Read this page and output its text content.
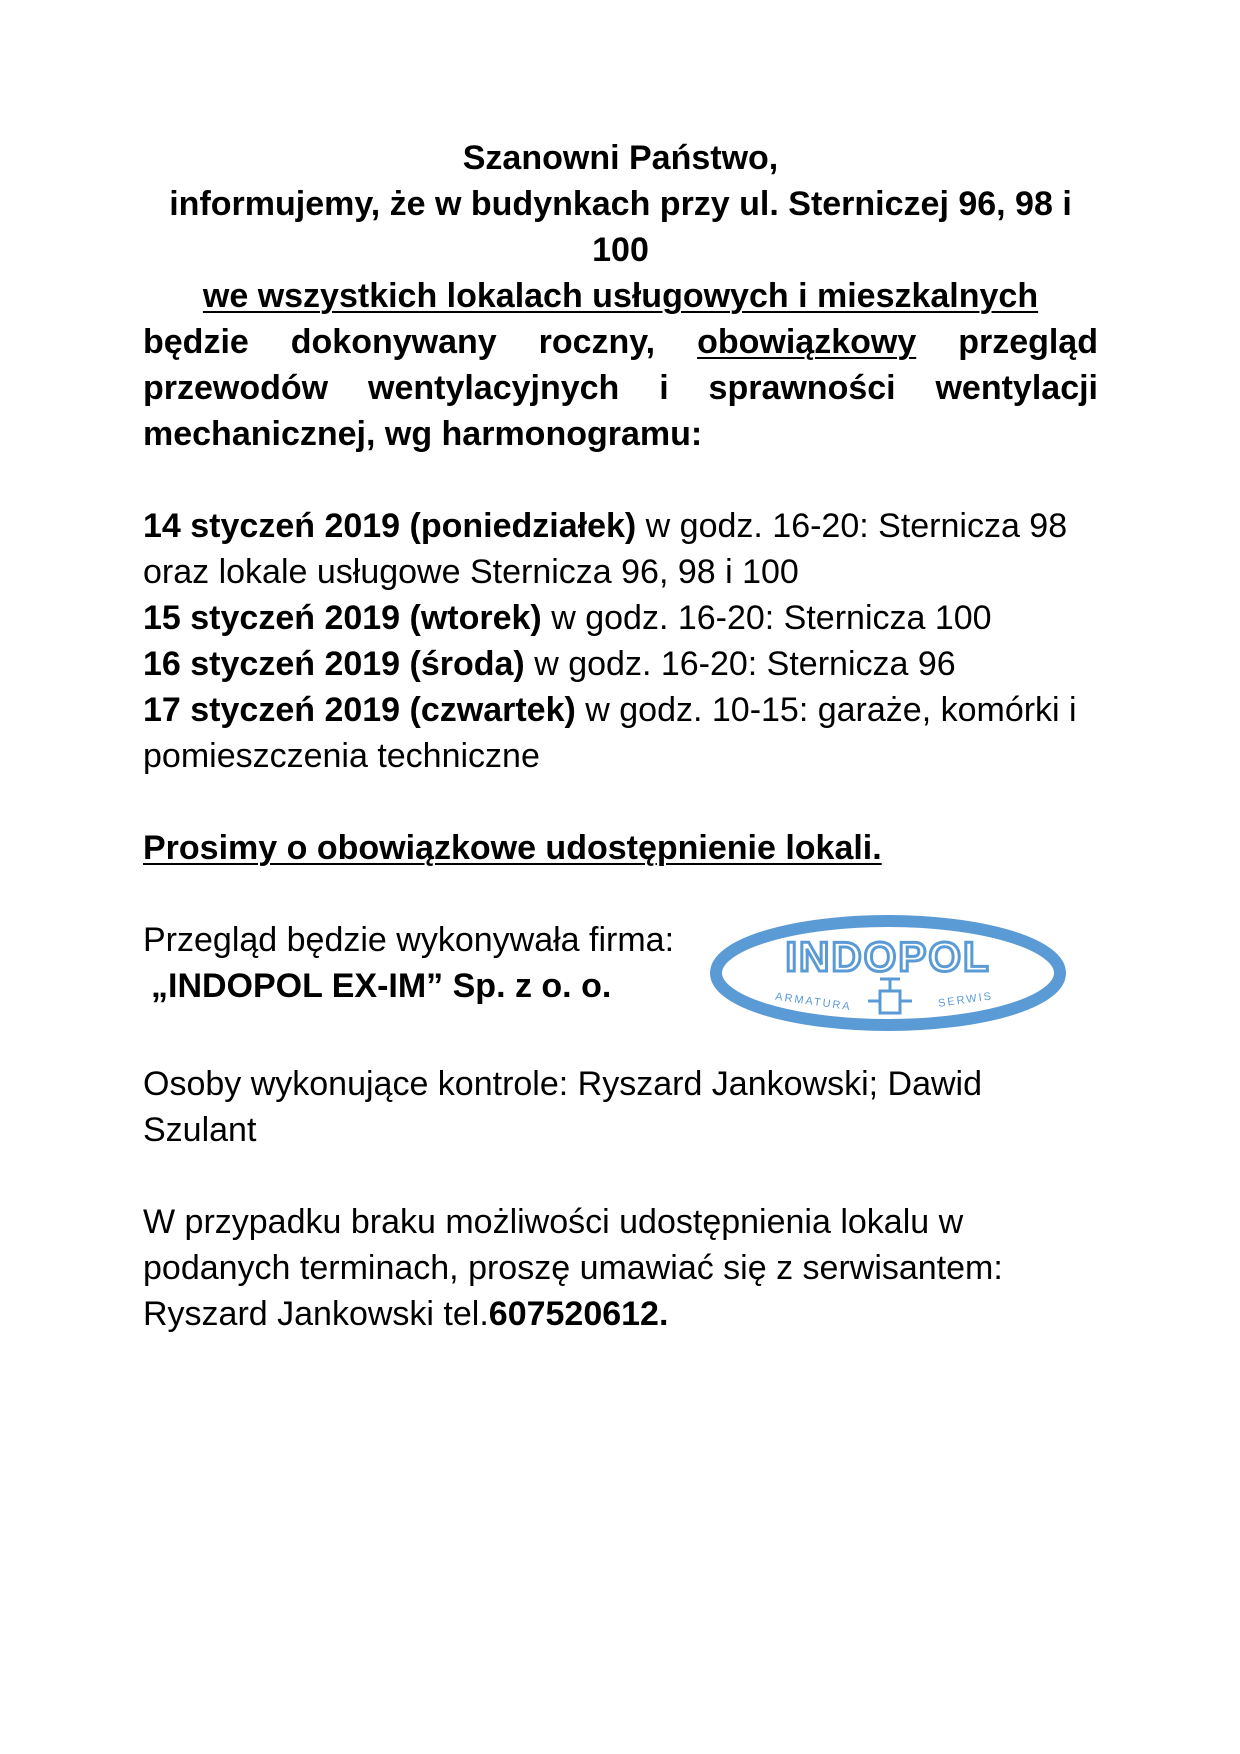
Szanowni Państwo,
informujemy, że w budynkach przy ul. Sterniczej 96, 98 i 100
we wszystkich lokalach usługowych i mieszkalnych
będzie dokonywany roczny, obowiązkowy przegląd przewodów wentylacyjnych i sprawności wentylacji
mechanicznej, wg harmonogramu:
14 styczeń 2019 (poniedziałek) w godz. 16-20: Sternicza 98 oraz lokale usługowe Sternicza 96, 98 i 100
15 styczeń 2019 (wtorek) w godz. 16-20: Sternicza 100
16 styczeń 2019 (środa) w godz. 16-20: Sternicza 96
17 styczeń 2019 (czwartek) w godz. 10-15: garaże, komórki i pomieszczenia techniczne
Prosimy o obowiązkowe udostępnienie lokali.
Przegląd będzie wykonywała firma:
„INDOPOL EX-IM” Sp. z o. o.
INDOPOL
ARMATURA	SERWIS
Osoby wykonujące kontrole: Ryszard Jankowski; Dawid Szulant
W przypadku braku możliwości udostępnienia lokalu w podanych terminach, proszę umawiać się z serwisantem: Ryszard Jankowski tel.607520612.
